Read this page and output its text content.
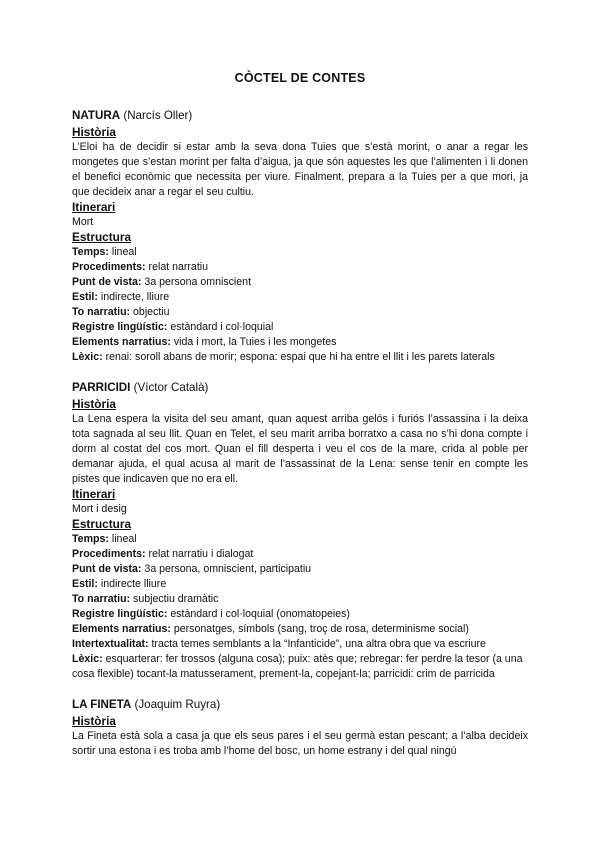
CÒCTEL DE CONTES
NATURA (Narcís Oller)
Història

L’Eloi ha de decidir si estar amb la seva dona Tuies que s’està morint, o anar a regar les mongetes que s’estan morint per falta d’aigua, ja que són aquestes les que l’alimenten i li donen el benefici econòmic que necessita per viure. Finalment, prepara a la Tuies per a que mori, ja que decideix anar a regar el seu cultiu.

Itinerari

Mort

Estructura

Temps: lineal

Procediments: relat narratiu

Punt de vista: 3a persona omniscient

Estil: indirecte, lliure

To narratiu: objectiu

Registre lingüístic: estàndard i col·loquial

Elements narratius: vida i mort, la Tuies i les mongetes

Lèxic: renai: soroll abans de morir; espona: espai que hi ha entre el llit i les parets laterals

PARRICIDI (Víctor Català)
Història

La Lena espera la visita del seu amant, quan aquest arriba gelós i furiós l’assassina i la deixa tota sagnada al seu llit. Quan en Telet, el seu marit arriba borratxo a casa no s’hi dona compte i dorm al costat del cos mort. Quan el fill desperta i veu el cos de la mare, crida al poble per demanar ajuda, el qual acusa al marit de l’assassinat de la Lena: sense tenir en compte les pistes que indicaven que no era ell.

Itinerari

Mort i desig

Estructura

Temps: lineal

Procediments: relat narratiu i dialogat

Punt de vista: 3a persona, omniscient, participatiu

Estil: indirecte lliure

To narratiu: subjectiu dramàtic

Registre lingüístic: estàndard i col·loquial (onomatopeies)

Elements narratius: personatges, símbols (sang, troç de rosa, determinisme social)

Intertextualitat: tracta temes semblants a la “Infanticide”, una altra obra que va escriure

Lèxic: esquarterar: fer trossos (alguna cosa); puix: atès que; rebregar: fer perdre la tesor (a una cosa flexible) tocant-la matusserament, prement-la, copejant-la; parricidi: crim de parricida

LA FINETA (Joaquim Ruyra)
Història

La Fineta està sola a casa ja que els seus pares i el seu germà estan pescant; a l’alba decideix sortir una estona i es troba amb l’home del bosc, un home estrany i del qual ningú
